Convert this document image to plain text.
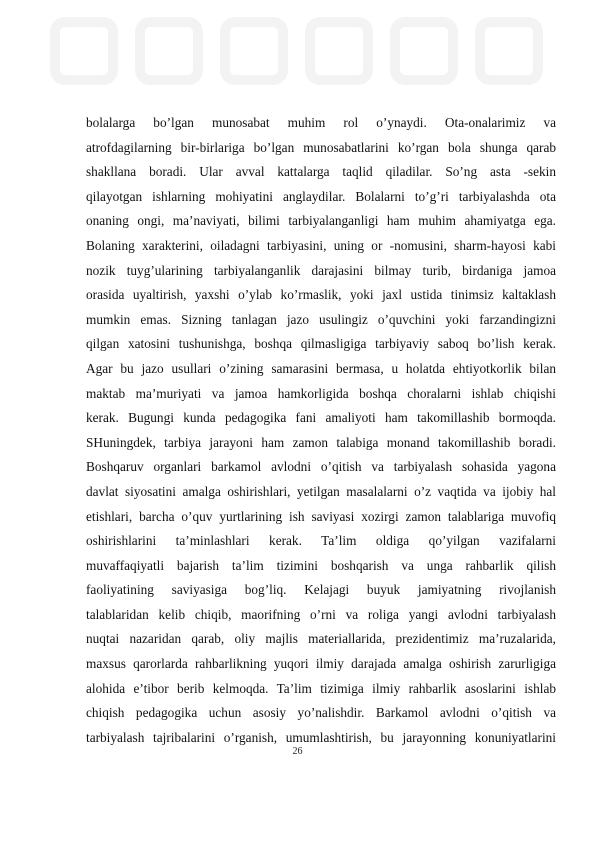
bolalarga bo’lgan munosabat muhim rol o’ynaydi. Ota-onalarimiz va
atrofdagilarning bir-birlariga bo’lgan munosabatlarini ko’rgan bola shunga qarab
shakllana boradi. Ular avval kattalarga taqlid qiladilar. So’ng asta -sekin
qilayotgan ishlarning mohiyatini anglaydilar. Bolalarni to’g’ri tarbiyalashda ota
onaning ongi, ma’naviyati, bilimi tarbiyalanganligi ham muhim ahamiyatga ega.
Bolaning xarakterini, oiladagni tarbiyasini, uning or -nomusini, sharm-hayosi kabi
nozik tuyg’ularining tarbiyalanganlik darajasini bilmay turib, birdaniga jamoa
orasida uyaltirish, yaxshi o’ylab ko’rmaslik, yoki jaxl ustida tinimsiz kaltaklash
mumkin emas. Sizning tanlagan jazo usulingiz o’quvchini yoki farzandingizni
qilgan xatosini tushunishga, boshqa qilmasligiga tarbiyaviy saboq bo’lish kerak.
Agar bu jazo usullari o’zining samarasini bermasa, u holatda ehtiyotkorlik bilan
maktab ma’muriyati va jamoa hamkorligida boshqa choralarni ishlab chiqishi
kerak. Bugungi kunda pedagogika fani amaliyoti ham takomillashib bormoqda.
SHuningdek, tarbiya jarayoni ham zamon talabiga monand takomillashib boradi.
Boshqaruv organlari barkamol avlodni o’qitish va tarbiyalash sohasida yagona
davlat siyosatini amalga oshirishlari, yetilgan masalalarni o’z vaqtida va ijobiy hal
etishlari, barcha o’quv yurtlarining ish saviyasi xozirgi zamon talablariga muvofiq
oshirishlarini ta’minlashlari kerak. Ta’lim oldiga qo’yilgan vazifalarni
muvaffaqiyatli bajarish ta’lim tizimini boshqarish va unga rahbarlik qilish
faoliyatining saviyasiga bog’liq. Kelajagi buyuk jamiyatning rivojlanish
talablaridan kelib chiqib, maorifning o’rni va roliga yangi avlodni tarbiyalash
nuqtai nazaridan qarab, oliy majlis materiallarida, prezidentimiz ma’ruzalarida,
maxsus qarorlarda rahbarlikning yuqori ilmiy darajada amalga oshirish zarurligiga
alohida e’tibor berib kelmoqda. Ta’lim tizimiga ilmiy rahbarlik asoslarini ishlab
chiqish pedagogika uchun asosiy yo’nalishdir. Barkamol avlodni o’qitish va
tarbiyalash tajribalarini o’rganish, umumlashtirish, bu jarayonning konuniyatlarini
26
